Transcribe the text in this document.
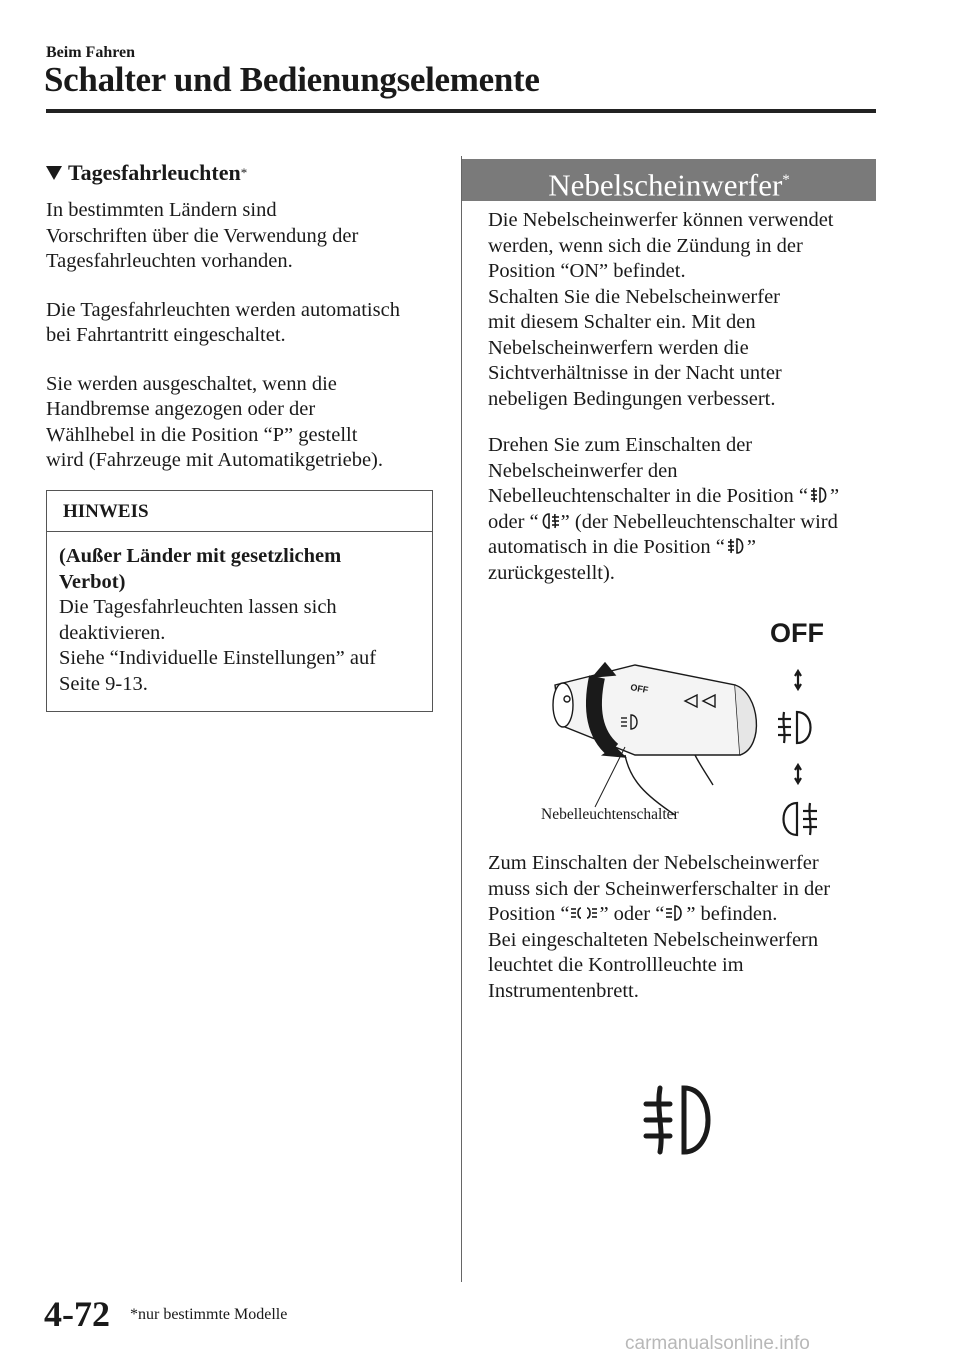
Beim Fahren
Schalter und Bedienungselemente
Tagesfahrleuchten *

In bestimmten Ländern sind
Vorschriften über die Verwendung der
Tagesfahrleuchten vorhanden.

Die Tagesfahrleuchten werden automatisch
bei Fahrtantritt eingeschaltet.

Sie werden ausgeschaltet, wenn die
Handbremse angezogen oder der
Wählhebel in die Position “P” gestellt
wird (Fahrzeuge mit Automatikgetriebe).

HINWEIS
(Außer Länder mit gesetzlichem
Verbot)
Die Tagesfahrleuchten lassen sich
deaktivieren.
Siehe “Individuelle Einstellungen” auf
Seite 9-13.
Nebelscheinwerfer*
Die Nebelscheinwerfer können verwendet
werden, wenn sich die Zündung in der
Position “ON” befindet.
Schalten Sie die Nebelscheinwerfer
mit diesem Schalter ein. Mit den
Nebelscheinwerfern werden die
Sichtverhältnisse in der Nacht unter
nebeligen Bedingungen verbessert.
Drehen Sie zum Einschalten der
Nebelscheinwerfer den
Nebelleuchtenschalter in die Position “ ”
oder “ ” (der Nebelleuchtenschalter wird
automatisch in die Position “ ”
zurückgestellt).
OFF
OFF
Nebelleuchtenschalter
Zum Einschalten der Nebelscheinwerfer
muss sich der Scheinwerferschalter in der
Position “ ” oder “ ” befinden.
Bei eingeschalteten Nebelscheinwerfern
leuchtet die Kontrollleuchte im
Instrumentenbrett.
4-72 *nur bestimmte Modelle
carmanualsonline.info
